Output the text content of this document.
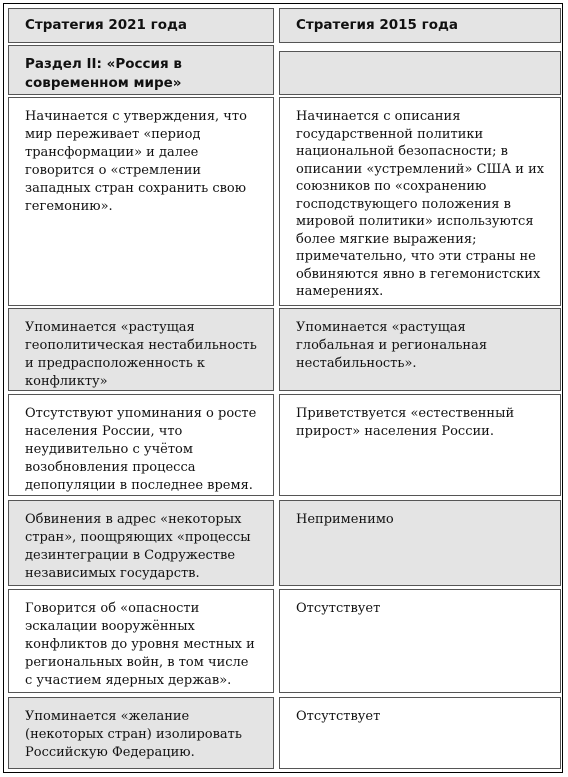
Стратегия 2021 года	Стратегия 2015 года
Раздел II: «Россия в современном мире»
Начинается с утверждения, что мир переживает «период трансформации» и далее говорится о «стремлении западных стран сохранить свою гегемонию».
Начинается с описания государственной политики национальной безопасности; в описании «устремлений» США и их союзников по «сохранению господствующего положения в мировой политики» используются более мягкие выражения; примечательно, что эти страны не обвиняются явно в гегемонистских намерениях.
Упоминается «растущая геополитическая нестабильность и предрасположенность к конфликту»
Упоминается «растущая глобальная и региональная нестабильность».
Отсутствуют упоминания о росте населения России, что неудивительно с учётом возобновления процесса депопуляции в последнее время.
Приветствуется «естественный прирост» населения России.
Обвинения в адрес «некоторых стран», поощряющих «процессы дезинтеграции в Содружестве независимых государств.
Неприменимо
Говорится об «опасности эскалации вооружённых конфликтов до уровня местных и региональных войн, в том числе с участием ядерных держав».
Отсутствует
Упоминается «желание (некоторых стран) изолировать Российскую Федерацию.
Отсутствует
